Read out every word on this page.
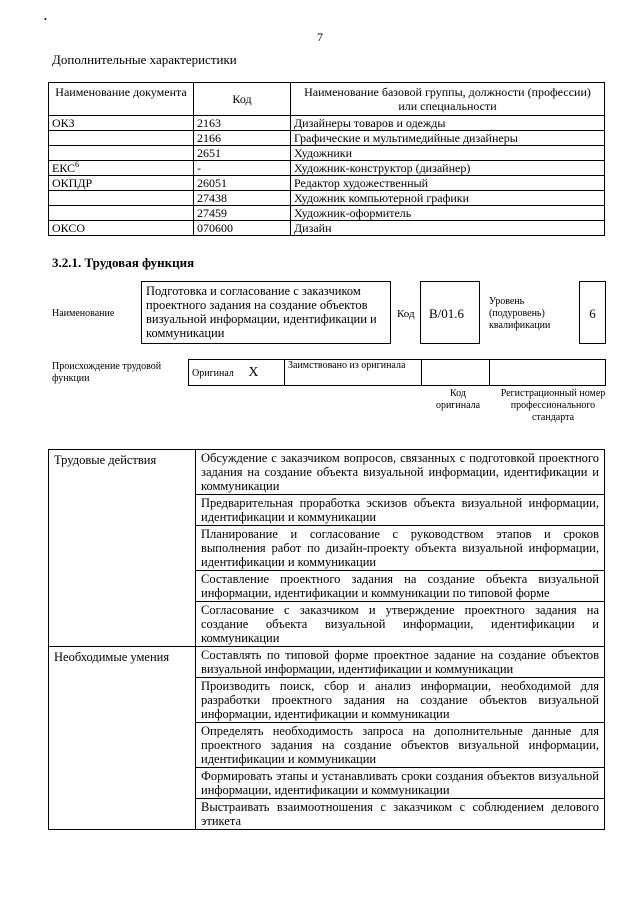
•
7
Дополнительные характеристики
Наименование документа	Код	Наименование базовой группы, должности (профессии) или специальности
ОКЗ	2163	Дизайнеры товаров и одежды
	2166	Графические и мультимедийные дизайнеры
	2651	Художники
ЕКС$^6$	-	Художник-конструктор (дизайнер)
ОКПДР	26051	Редактор художественный
	27438	Художник компьютерной графики
	27459	Художник-оформитель
ОКСО	070600	Дизайн
3.2.1. Трудовая функция
Наименование
Подготовка и согласование с заказчиком проектного задания на создание объектов визуальной информации, идентификации и коммуникации
Код	В/01.6
Уровень (подуровень) квалификации
6
Происхождение трудовой функции	Оригинал X	Заимствовано из оригинала		
Код оригинала
Регистрационный номер профессионального стандарта
Трудовые действия	Обсуждение с заказчиком вопросов, связанных с подготовкой проектного задания на создание объекта визуальной информации, идентификации и коммуникации
	Предварительная проработка эскизов объекта визуальной информации, идентификации и коммуникации
	Планирование и согласование с руководством этапов и сроков выполнения работ по дизайн-проекту объекта визуальной информации, идентификации и коммуникации
	Составление проектного задания на создание объекта визуальной информации, идентификации и коммуникации по типовой форме
	Согласование с заказчиком и утверждение проектного задания на создание объекта визуальной информации, идентификации и коммуникации
Необходимые умения	Составлять по типовой форме проектное задание на создание объектов визуальной информации, идентификации и коммуникации
	Производить поиск, сбор и анализ информации, необходимой для разработки проектного задания на создание объектов визуальной информации, идентификации и коммуникации
	Определять необходимость запроса на дополнительные данные для проектного задания на создание объектов визуальной информации, идентификации и коммуникации
	Формировать этапы и устанавливать сроки создания объектов визуальной информации, идентификации и коммуникации
	Выстраивать взаимоотношения с заказчиком с соблюдением делового этикета
